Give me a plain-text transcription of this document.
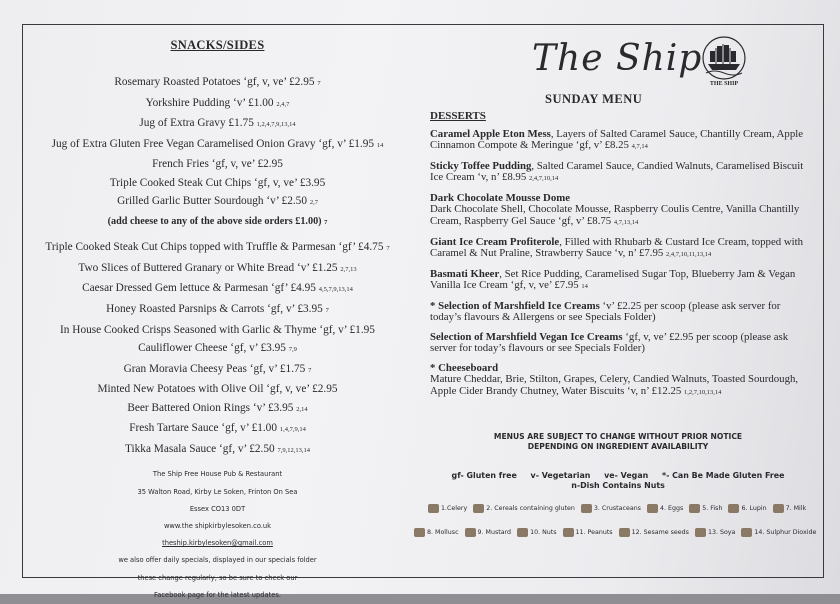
SNACKS/SIDES
Rosemary Roasted Potatoes ‘gf, v, ve’ £2.95 7
Yorkshire Pudding ‘v’ £1.00 2,4,7
Jug of Extra Gravy £1.75 1,2,4,7,9,13,14
Jug of Extra Gluten Free Vegan Caramelised Onion Gravy ‘gf, v’ £1.95 14
French Fries ‘gf, v, ve’ £2.95
Triple Cooked Steak Cut Chips ‘gf, v, ve’ £3.95
Grilled Garlic Butter Sourdough ‘v’ £2.50 2,7
(add cheese to any of the above side orders £1.00) 7
Triple Cooked Steak Cut Chips topped with Truffle & Parmesan ‘gf’ £4.75 7
Two Slices of Buttered Granary or White Bread ‘v’ £1.25 2,7,13
Caesar Dressed Gem lettuce & Parmesan ‘gf’ £4.95 4,5,7,9,13,14
Honey Roasted Parsnips & Carrots ‘gf, v’ £3.95 7
In House Cooked Crisps Seasoned with Garlic & Thyme ‘gf, v’ £1.95
Cauliflower Cheese ‘gf, v’ £3.95 7,9
Gran Moravia Cheesy Peas ‘gf, v’ £1.75 7
Minted New Potatoes with Olive Oil ‘gf, v, ve’ £2.95
Beer Battered Onion Rings ‘v’ £3.95 2,14
Fresh Tartare Sauce ‘gf, v’ £1.00 1,4,7,9,14
Tikka Masala Sauce ‘gf, v’ £2.50 7,9,12,13,14
The Ship Free House Pub & Restaurant
35 Walton Road, Kirby Le Soken, Frinton On Sea
Essex CO13 0DT
www.the shipkirbylesoken.co.uk
theship.kirbylesoken@gmail.com
we also offer daily specials, displayed in our specials folder
these change regularly, so be sure to check our
Facebook page for the latest updates.
The Ship
THE SHIP
SUNDAY MENU
DESSERTS
Caramel Apple Eton Mess, Layers of Salted Caramel Sauce, Chantilly Cream, Apple Cinnamon Compote & Meringue ‘gf, v’ £8.25 4,7,14
Sticky Toffee Pudding, Salted Caramel Sauce, Candied Walnuts, Caramelised Biscuit Ice Cream ‘v, n’ £8.95 2,4,7,10,14
Dark Chocolate Mousse Dome
Dark Chocolate Shell, Chocolate Mousse, Raspberry Coulis Centre, Vanilla Chantilly Cream, Raspberry Gel Sauce ‘gf, v’ £8.75 4,7,13,14
Giant Ice Cream Profiterole, Filled with Rhubarb & Custard Ice Cream, topped with Caramel & Nut Praline, Strawberry Sauce ‘v, n’ £7.95 2,4,7,10,11,13,14
Basmati Kheer, Set Rice Pudding, Caramelised Sugar Top, Blueberry Jam & Vegan Vanilla Ice Cream ‘gf, v, ve’ £7.95 14
* Selection of Marshfield Ice Creams ‘v’ £2.25 per scoop (please ask server for today’s flavours & Allergens or see Specials Folder)
Selection of Marshfield Vegan Ice Creams ‘gf, v, ve’ £2.95 per scoop (please ask server for today’s flavours or see Specials Folder)
* Cheeseboard
Mature Cheddar, Brie, Stilton, Grapes, Celery, Candied Walnuts, Toasted Sourdough, Apple Cider Brandy Chutney, Water Biscuits ‘v, n’ £12.25 1,2,7,10,13,14
MENUS ARE SUBJECT TO CHANGE WITHOUT PRIOR NOTICE
DEPENDING ON INGREDIENT AVAILABILITY
gf- Gluten free     v- Vegetarian     ve- Vegan     *- Can Be Made Gluten Free
n-Dish Contains Nuts
1.Celery	2. Cereals containing gluten	3. Crustaceans	4. Eggs	5. Fish	6. Lupin	7. Milk
8. Mollusc	9. Mustard	10. Nuts	11. Peanuts	12. Sesame seeds	13. Soya	14. Sulphur Dioxide
